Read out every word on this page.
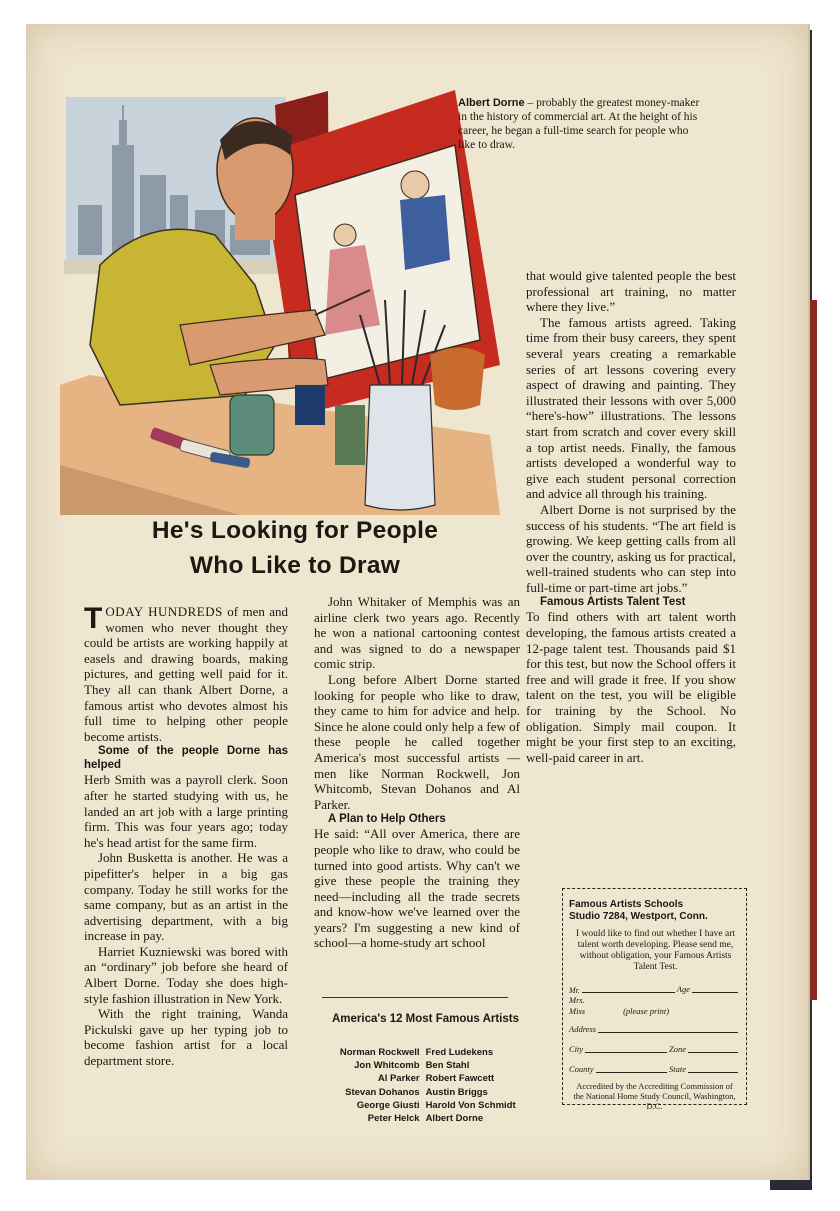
Albert Dorne – probably the greatest money-maker in the history of commercial art. At the height of his career, he began a full-time search for people who like to draw.
He's Looking for People
Who Like to Draw

TODAY HUNDREDS of men and women who never thought they could be artists are working happily at easels and drawing boards, making pictures, and getting well paid for it. They all can thank Albert Dorne, a famous artist who devotes almost his full time to helping other people become artists.

Some of the people Dorne has helped

Herb Smith was a payroll clerk. Soon after he started studying with us, he landed an art job with a large printing firm. This was four years ago; today he's head artist for the same firm.

John Busketta is another. He was a pipefitter's helper in a big gas company. Today he still works for the same company, but as an artist in the advertising department, with a big increase in pay.

Harriet Kuzniewski was bored with an “ordinary” job before she heard of Albert Dorne. Today she does high-style fashion illustration in New York.

With the right training, Wanda Pickulski gave up her typing job to become fashion artist for a local department store.

John Whitaker of Memphis was an airline clerk two years ago. Recently he won a national cartooning contest and was signed to do a newspaper comic strip.

Long before Albert Dorne started looking for people who like to draw, they came to him for advice and help. Since he alone could only help a few of these people he called together America's most successful artists —men like Norman Rockwell, Jon Whitcomb, Stevan Dohanos and Al Parker.

A Plan to Help Others

He said: “All over America, there are people who like to draw, who could be turned into good artists. Why can't we give these people the training they need—including all the trade secrets and know-how we've learned over the years? I'm suggesting a new kind of school—a home-study art school

America's 12 Most Famous Artists
Norman Rockwell
Jon Whitcomb
Al Parker
Stevan Dohanos
George Giusti
Peter Helck
Fred Ludekens
Ben Stahl
Robert Fawcett
Austin Briggs
Harold Von Schmidt
Albert Dorne

that would give talented people the best professional art training, no matter where they live.”

The famous artists agreed. Taking time from their busy careers, they spent several years creating a remarkable series of art lessons covering every aspect of drawing and painting. They illustrated their lessons with over 5,000 “here's-how” illustrations. The lessons start from scratch and cover every skill a top artist needs. Finally, the famous artists developed a wonderful way to give each student personal correction and advice all through his training.

Albert Dorne is not surprised by the success of his students. “The art field is growing. We keep getting calls from all over the country, asking us for practical, well-trained students who can step into full-time or part-time art jobs.”

Famous Artists Talent Test

To find others with art talent worth developing, the famous artists created a 12-page talent test. Thousands paid $1 for this test, but now the School offers it free and will grade it free. If you show talent on the test, you will be eligible for training by the School. No obligation. Simply mail coupon. It might be your first step to an exciting, well-paid career in art.

Famous Artists Schools
Studio 7284, Westport, Conn.
I would like to find out whether I have art talent worth developing. Please send me, without obligation, your Famous Artists Talent Test.
Mr.	Age
Mrs.
Miss	(please print)
Address
City	Zone
County	State
Accredited by the Accrediting Commission of the National Home Study Council, Washington, D.C.
